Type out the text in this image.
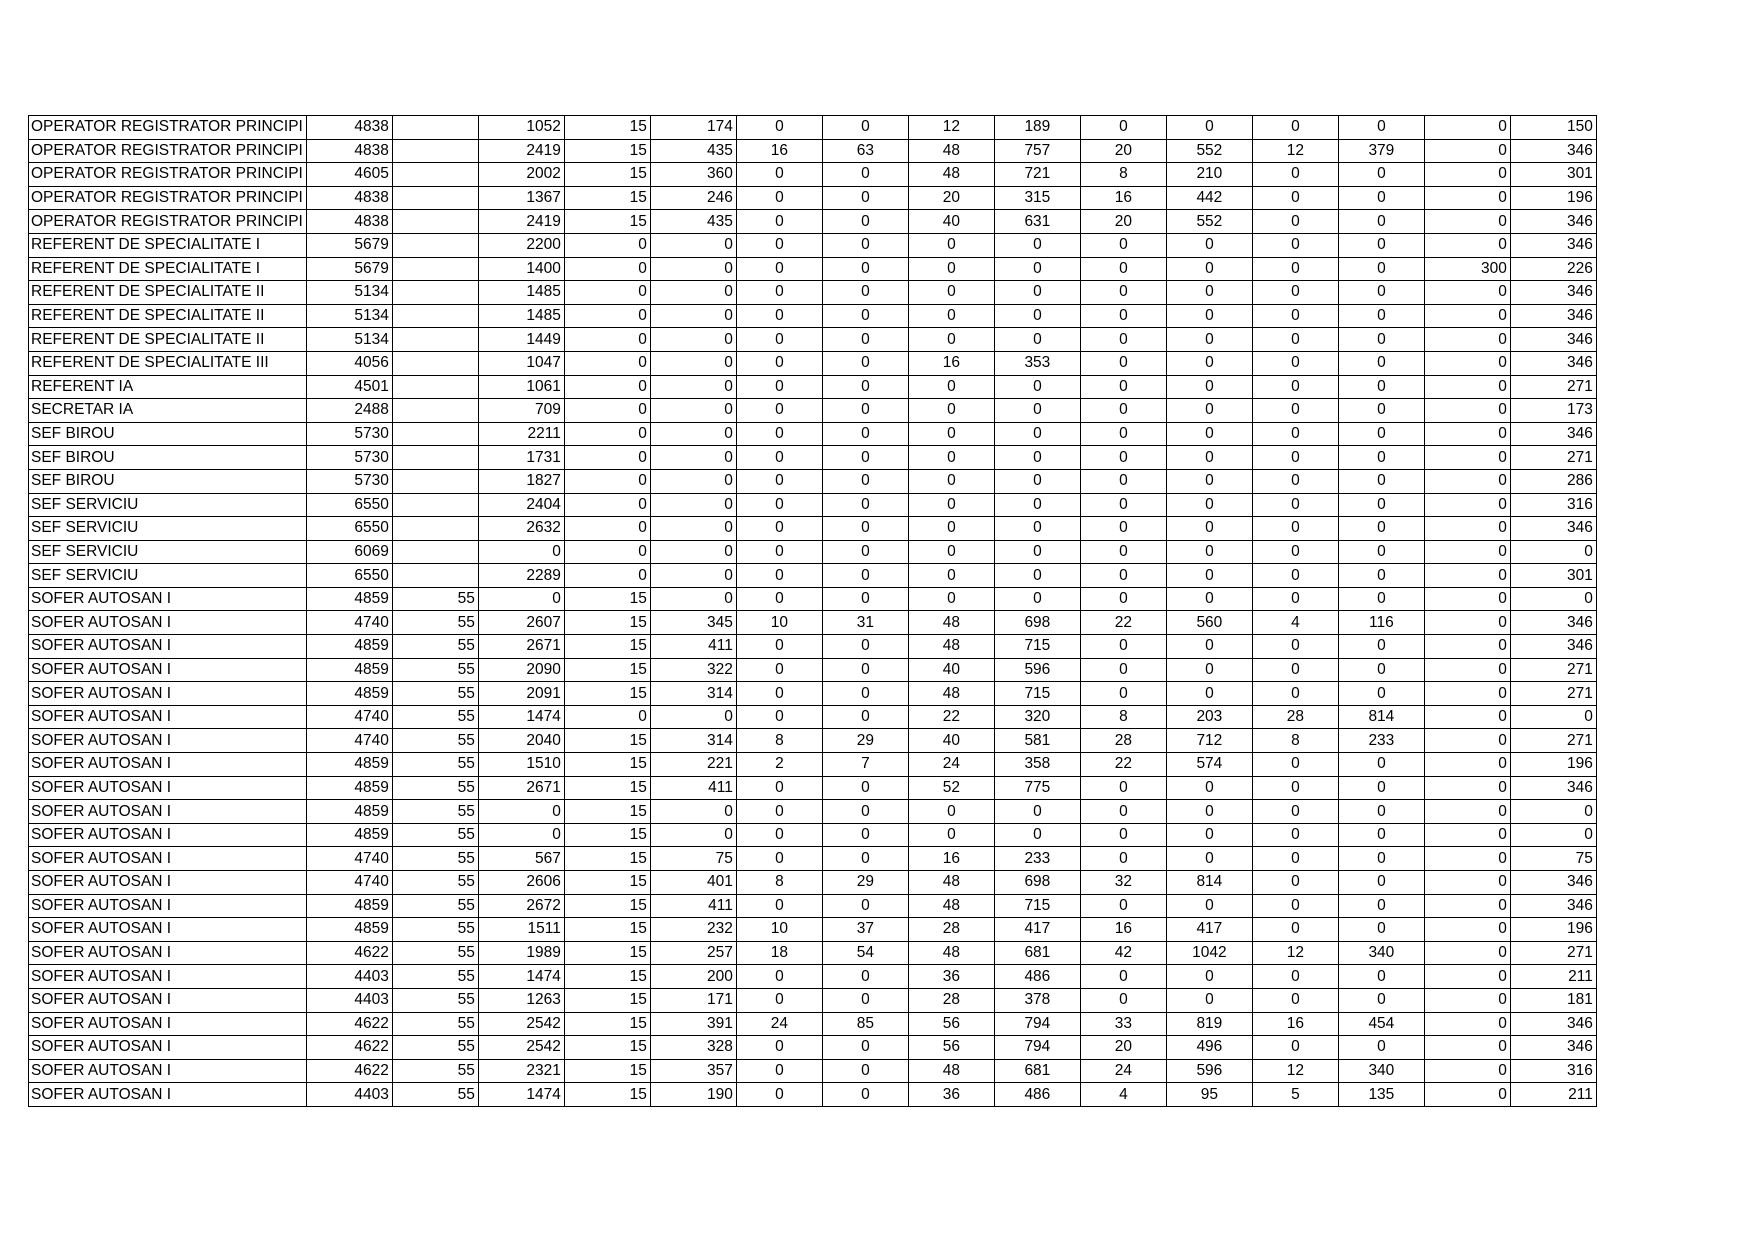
OPERATOR REGISTRATOR PRINCIPI	4838		1052	15	174	0	0	12	189	0	0	0	0	0	150
OPERATOR REGISTRATOR PRINCIPI	4838		2419	15	435	16	63	48	757	20	552	12	379	0	346
OPERATOR REGISTRATOR PRINCIPI	4605		2002	15	360	0	0	48	721	8	210	0	0	0	301
OPERATOR REGISTRATOR PRINCIPI	4838		1367	15	246	0	0	20	315	16	442	0	0	0	196
OPERATOR REGISTRATOR PRINCIPI	4838		2419	15	435	0	0	40	631	20	552	0	0	0	346
REFERENT DE SPECIALITATE I	5679		2200	0	0	0	0	0	0	0	0	0	0	0	346
REFERENT DE SPECIALITATE I	5679		1400	0	0	0	0	0	0	0	0	0	0	300	226
REFERENT DE SPECIALITATE II	5134		1485	0	0	0	0	0	0	0	0	0	0	0	346
REFERENT DE SPECIALITATE II	5134		1485	0	0	0	0	0	0	0	0	0	0	0	346
REFERENT DE SPECIALITATE II	5134		1449	0	0	0	0	0	0	0	0	0	0	0	346
REFERENT DE SPECIALITATE III	4056		1047	0	0	0	0	16	353	0	0	0	0	0	346
REFERENT IA	4501		1061	0	0	0	0	0	0	0	0	0	0	0	271
SECRETAR IA	2488		709	0	0	0	0	0	0	0	0	0	0	0	173
SEF BIROU	5730		2211	0	0	0	0	0	0	0	0	0	0	0	346
SEF BIROU	5730		1731	0	0	0	0	0	0	0	0	0	0	0	271
SEF BIROU	5730		1827	0	0	0	0	0	0	0	0	0	0	0	286
SEF SERVICIU	6550		2404	0	0	0	0	0	0	0	0	0	0	0	316
SEF SERVICIU	6550		2632	0	0	0	0	0	0	0	0	0	0	0	346
SEF SERVICIU	6069		0	0	0	0	0	0	0	0	0	0	0	0	0
SEF SERVICIU	6550		2289	0	0	0	0	0	0	0	0	0	0	0	301
SOFER AUTOSAN I	4859	55	0	15	0	0	0	0	0	0	0	0	0	0	0
SOFER AUTOSAN I	4740	55	2607	15	345	10	31	48	698	22	560	4	116	0	346
SOFER AUTOSAN I	4859	55	2671	15	411	0	0	48	715	0	0	0	0	0	346
SOFER AUTOSAN I	4859	55	2090	15	322	0	0	40	596	0	0	0	0	0	271
SOFER AUTOSAN I	4859	55	2091	15	314	0	0	48	715	0	0	0	0	0	271
SOFER AUTOSAN I	4740	55	1474	0	0	0	0	22	320	8	203	28	814	0	0
SOFER AUTOSAN I	4740	55	2040	15	314	8	29	40	581	28	712	8	233	0	271
SOFER AUTOSAN I	4859	55	1510	15	221	2	7	24	358	22	574	0	0	0	196
SOFER AUTOSAN I	4859	55	2671	15	411	0	0	52	775	0	0	0	0	0	346
SOFER AUTOSAN I	4859	55	0	15	0	0	0	0	0	0	0	0	0	0	0
SOFER AUTOSAN I	4859	55	0	15	0	0	0	0	0	0	0	0	0	0	0
SOFER AUTOSAN I	4740	55	567	15	75	0	0	16	233	0	0	0	0	0	75
SOFER AUTOSAN I	4740	55	2606	15	401	8	29	48	698	32	814	0	0	0	346
SOFER AUTOSAN I	4859	55	2672	15	411	0	0	48	715	0	0	0	0	0	346
SOFER AUTOSAN I	4859	55	1511	15	232	10	37	28	417	16	417	0	0	0	196
SOFER AUTOSAN I	4622	55	1989	15	257	18	54	48	681	42	1042	12	340	0	271
SOFER AUTOSAN I	4403	55	1474	15	200	0	0	36	486	0	0	0	0	0	211
SOFER AUTOSAN I	4403	55	1263	15	171	0	0	28	378	0	0	0	0	0	181
SOFER AUTOSAN I	4622	55	2542	15	391	24	85	56	794	33	819	16	454	0	346
SOFER AUTOSAN I	4622	55	2542	15	328	0	0	56	794	20	496	0	0	0	346
SOFER AUTOSAN I	4622	55	2321	15	357	0	0	48	681	24	596	12	340	0	316
SOFER AUTOSAN I	4403	55	1474	15	190	0	0	36	486	4	95	5	135	0	211
